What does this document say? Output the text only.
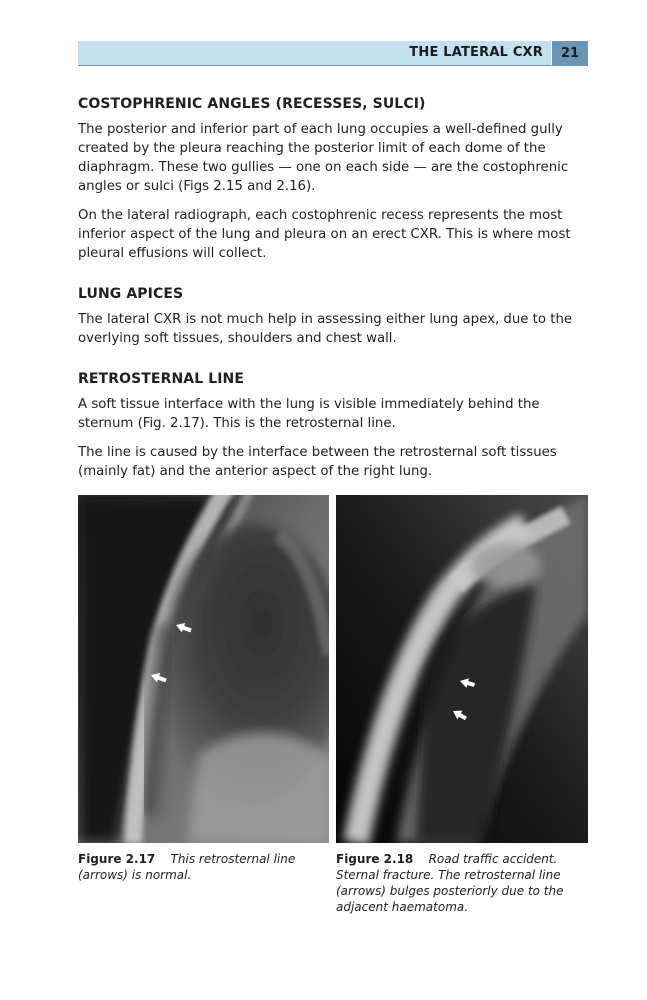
THE LATERAL CXR 21
COSTOPHRENIC ANGLES (RECESSES, SULCI)

The posterior and inferior part of each lung occupies a well-defined gully created by the pleura reaching the posterior limit of each dome of the diaphragm. These two gullies — one on each side — are the costophrenic angles or sulci (Figs 2.15 and 2.16).

On the lateral radiograph, each costophrenic recess represents the most inferior aspect of the lung and pleura on an erect CXR. This is where most pleural effusions will collect.

LUNG APICES

The lateral CXR is not much help in assessing either lung apex, due to the overlying soft tissues, shoulders and chest wall.

RETROSTERNAL LINE

A soft tissue interface with the lung is visible immediately behind the sternum (Fig. 2.17). This is the retrosternal line.

The line is caused by the interface between the retrosternal soft tissues (mainly fat) and the anterior aspect of the right lung.

Figure 2.17 This retrosternal line (arrows) is normal.
Figure 2.18 Road traffic accident. Sternal fracture. The retrosternal line (arrows) bulges posteriorly due to the adjacent haematoma.
